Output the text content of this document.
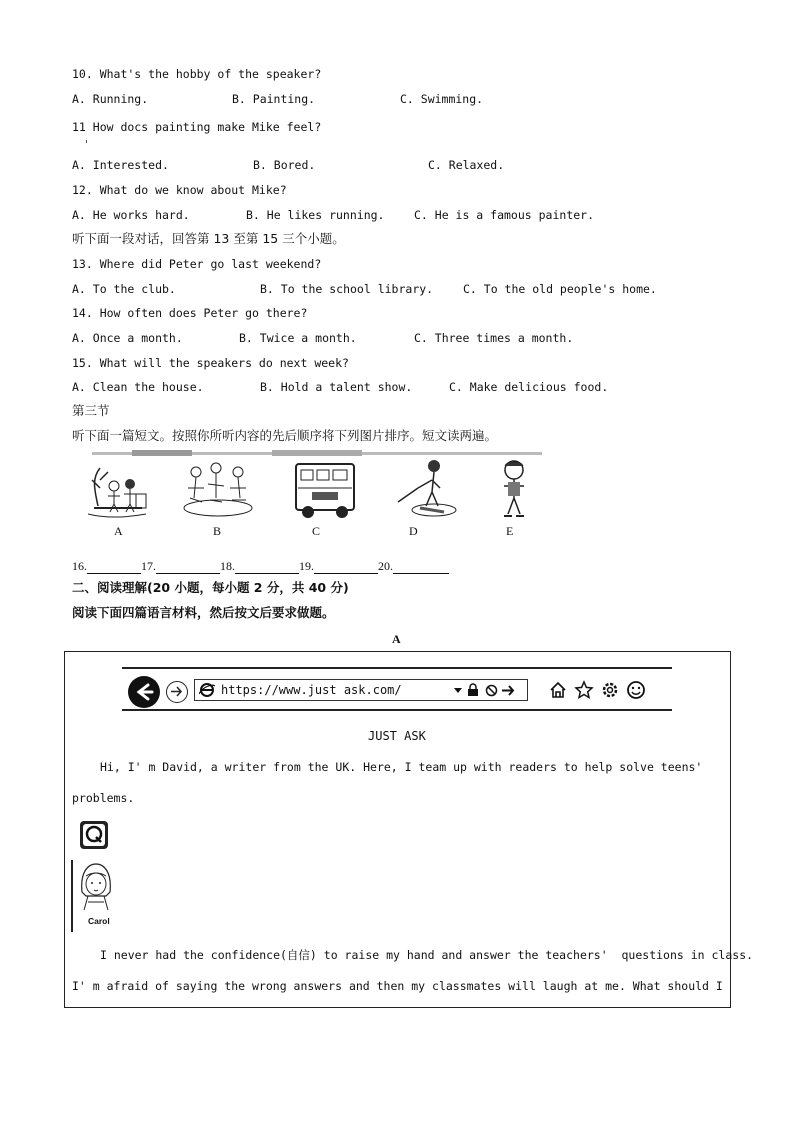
10. What's the hobby of the speaker?
A. Running.	B. Painting.	C. Swimming.
11 How docs painting make Mike feel?
A. Interested.	B. Bored.	C. Relaxed.
12. What do we know about Mike?
A. He works hard.	B. He likes running.	C. He is a famous painter.
听下面一段对话，回答第 13 至第 15 三个小题。
13. Where did Peter go last weekend?
A. To the club.	B. To the school library.	C. To the old people's home.
14. How often does Peter go there?
A. Once a month.	B. Twice a month.	C. Three times a month.
15. What will the speakers do next week?
A. Clean the house.	B. Hold a talent show.	C. Make delicious food.
第三节
听下面一篇短文。按照你所听内容的先后顺序将下列图片排序。短文读两遍。
A	B	C	D	E
16.	17.	18.	19.	20.
二、阅读理解(20 小题，每小题 2 分，共 40 分)
阅读下面四篇语言材料，然后按文后要求做题。
A
https://www.just ask.com/
JUST ASK
Hi, I' m David, a writer from the UK. Here, I team up with readers to help solve teens'
problems.
Carol
I never had the confidence(自信) to raise my hand and answer the teachers'  questions in class.
I' m afraid of saying the wrong answers and then my classmates will laugh at me. What should I
